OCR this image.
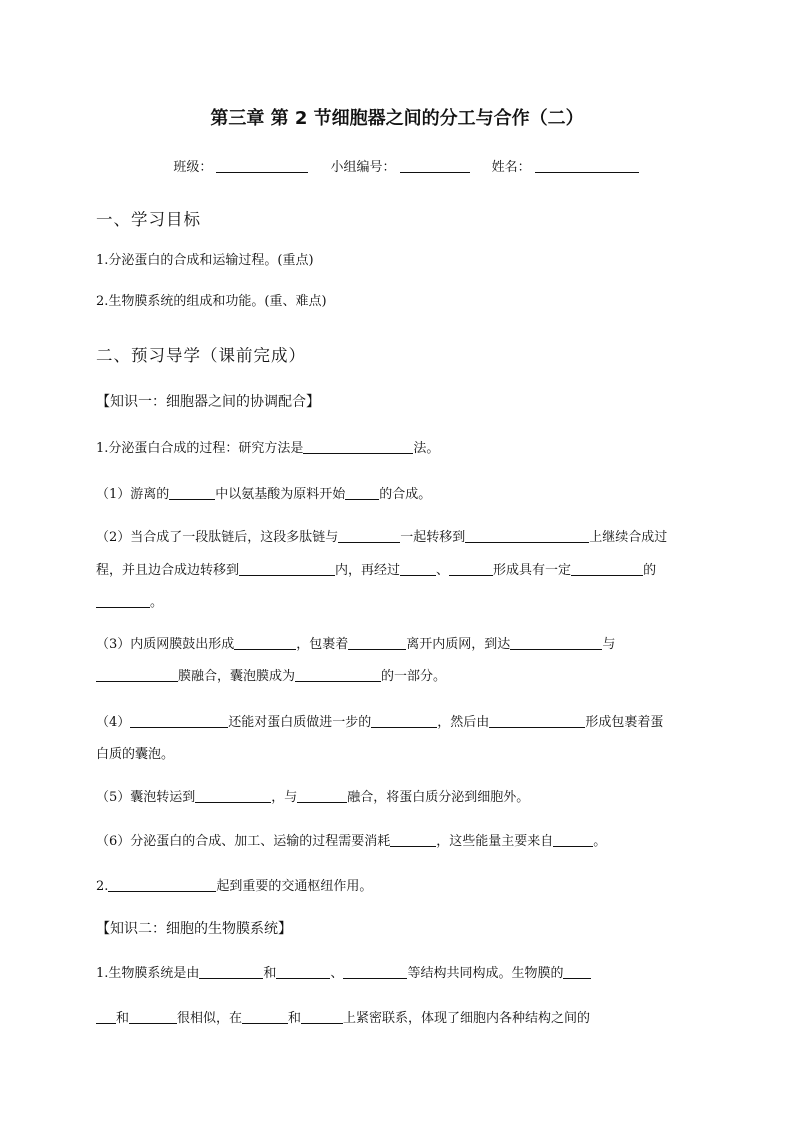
第三章 第 2 节细胞器之间的分工与合作（二）
班级：	小组编号：	姓名：
一、学习目标
1.分泌蛋白的合成和运输过程。(重点)
2.生物膜系统的组成和功能。(重、难点)
二、预习导学（课前完成）
【知识一：细胞器之间的协调配合】
1.分泌蛋白合成的过程：研究方法是	法。
（1）游离的	中以氨基酸为原料开始	的合成。
（2）当合成了一段肽链后，这段多肽链与	一起转移到	上继续合成过
程，并且边合成边转移到	内，再经过	、	形成具有一定	的
。
（3）内质网膜鼓出形成	，包裹着	离开内质网，到达	与
膜融合，囊泡膜成为	的一部分。
（4）	还能对蛋白质做进一步的	，然后由	形成包裹着蛋
白质的囊泡。
（5）囊泡转运到	，与	融合，将蛋白质分泌到细胞外。
（6）分泌蛋白的合成、加工、运输的过程需要消耗	，这些能量主要来自	。
2.	起到重要的交通枢纽作用。
【知识二：细胞的生物膜系统】
1.生物膜系统是由	和	、	等结构共同构成。生物膜的
和	很相似，在	和	上紧密联系，体现了细胞内各种结构之间的
